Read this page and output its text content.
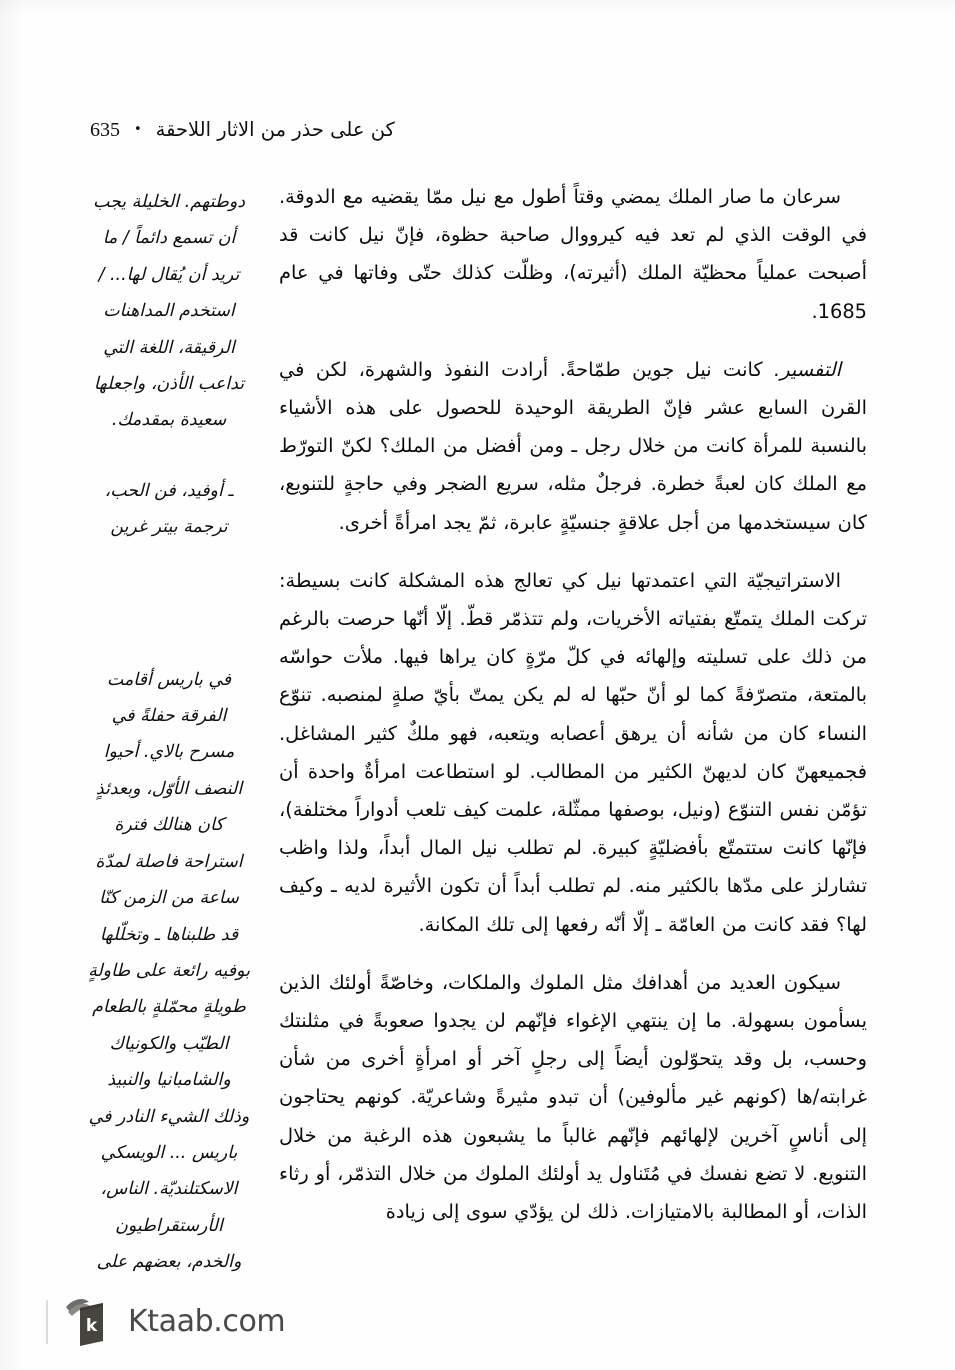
كن على حذر من الاثار اللاحقة
•
635

سرعان ما صار الملك يمضي وقتاً أطول مع نيل ممّا يقضيه مع الدوقة. في الوقت الذي لم تعد فيه كيرووال صاحبة حظوة، فإنّ نيل كانت قد أصبحت عملياً محظيّة الملك (أثيرته)، وظلّت كذلك حتّى وفاتها في عام 1685.

التفسير. كانت نيل جوين طمّاحةً. أرادت النفوذ والشهرة، لكن في القرن السابع عشر فإنّ الطريقة الوحيدة للحصول على هذه الأشياء بالنسبة للمرأة كانت من خلال رجل ـ ومن أفضل من الملك؟ لكنّ التورّط مع الملك كان لعبةً خطرة. فرجلٌ مثله، سريع الضجر وفي حاجةٍ للتنويع، كان سيستخدمها من أجل علاقةٍ جنسيّةٍ عابرة، ثمّ يجد امرأةً أخرى.

الاستراتيجيّة التي اعتمدتها نيل كي تعالج هذه المشكلة كانت بسيطة: تركت الملك يتمتّع بفتياته الأخريات، ولم تتذمّر قطّ. إلّا أنّها حرصت بالرغم من ذلك على تسليته وإلهائه في كلّ مرّةٍ كان يراها فيها. ملأت حواسّه بالمتعة، متصرّفةً كما لو أنّ حبّها له لم يكن يمتّ بأيّ صلةٍ لمنصبه. تنوّع النساء كان من شأنه أن يرهق أعصابه ويتعبه، فهو ملكٌ كثير المشاغل. فجميعهنّ كان لديهنّ الكثير من المطالب. لو استطاعت امرأةٌ واحدة أن تؤمّن نفس التنوّع (ونيل، بوصفها ممثّلة، علمت كيف تلعب أدواراً مختلفة)، فإنّها كانت ستتمتّع بأفضليّةٍ كبيرة. لم تطلب نيل المال أبداً، ولذا واظب تشارلز على مدّها بالكثير منه. لم تطلب أبداً أن تكون الأثيرة لديه ـ وكيف لها؟ فقد كانت من العامّة ـ إلّا أنّه رفعها إلى تلك المكانة.

سيكون العديد من أهدافك مثل الملوك والملكات، وخاصّةً أولئك الذين يسأمون بسهولة. ما إن ينتهي الإغواء فإنّهم لن يجدوا صعوبةً في مثلنتك وحسب، بل وقد يتحوّلون أيضاً إلى رجلٍ آخر أو امرأةٍ أخرى من شأن غرابته/ها (كونهم غير مألوفين) أن تبدو مثيرةً وشاعريّة. كونهم يحتاجون إلى أناسٍ آخرين لإلهائهم فإنّهم غالباً ما يشبعون هذه الرغبة من خلال التنويع. لا تضع نفسك في مُتَناول يد أولئك الملوك من خلال التذمّر، أو رثاء الذات، أو المطالبة بالامتيازات. ذلك لن يؤدّي سوى إلى زيادة

دوطتهم. الخليلة يجب أن تسمع دائماً / ما تريد أن يُقال لها... / استخدم المداهنات الرقيقة، اللغة التي تداعب الأذن، واجعلها سعيدة بمقدمك.

ـ أوفيد، فن الحب، ترجمة بيتر غرين

في باريس أقامت الفرقة حفلةً في مسرح بالاي. أحيوا النصف الأوّل، وبعدئذٍ كان هنالك فترة استراحة فاصلة لمدّة ساعة من الزمن كنّا قد طلبناها ـ وتخلّلها بوفيه رائعة على طاولةٍ طويلةٍ محمّلةٍ بالطعام الطيّب والكونياك والشامبانيا والنبيذ وذلك الشيء النادر في باريس ... الويسكي الاسكتلنديّة. الناس، الأرستقراطيون والخدم، بعضهم على

k Ktaab.com
